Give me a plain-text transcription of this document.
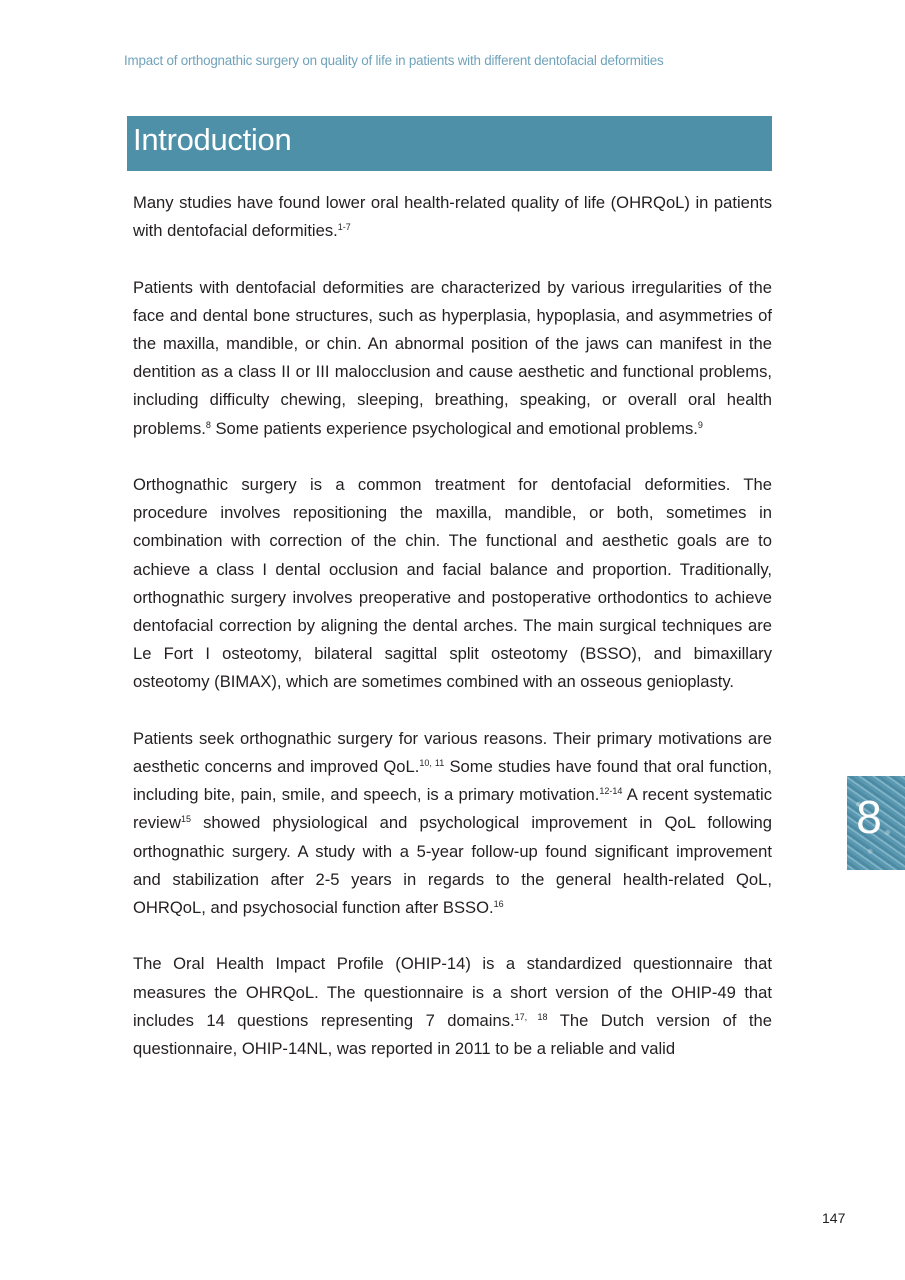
Impact of orthognathic surgery on quality of life in patients with different dentofacial deformities
Introduction

Many studies have found lower oral health-related quality of life (OHRQoL) in patients with dentofacial deformities.$^{1-7}$

Patients with dentofacial deformities are characterized by various irregularities of the face and dental bone structures, such as hyperplasia, hypoplasia, and asymmetries of the maxilla, mandible, or chin. An abnormal position of the jaws can manifest in the dentition as a class II or III malocclusion and cause aesthetic and functional problems, including difficulty chewing, sleeping, breathing, speaking, or overall oral health problems.$^8$ Some patients experience psychological and emotional problems.$^9$

Orthognathic surgery is a common treatment for dentofacial deformities. The procedure involves repositioning the maxilla, mandible, or both, sometimes in combination with correction of the chin. The functional and aesthetic goals are to achieve a class I dental occlusion and facial balance and proportion. Traditionally, orthognathic surgery involves preoperative and postoperative orthodontics to achieve dentofacial correction by aligning the dental arches. The main surgical techniques are Le Fort I osteotomy, bilateral sagittal split osteotomy (BSSO), and bimaxillary osteotomy (BIMAX), which are sometimes combined with an osseous genioplasty.

Patients seek orthognathic surgery for various reasons. Their primary motivations are aesthetic concerns and improved QoL.$^{10, 11}$ Some studies have found that oral function, including bite, pain, smile, and speech, is a primary motivation.$^{12-14}$ A recent systematic review$^{15}$ showed physiological and psychological improvement in QoL following orthognathic surgery. A study with a 5-year follow-up found significant improvement and stabilization after 2-5 years in regards to the general health-related QoL, OHRQoL, and psychosocial function after BSSO.$^{16}$

The Oral Health Impact Profile (OHIP-14) is a standardized questionnaire that measures the OHRQoL. The questionnaire is a short version of the OHIP-49 that includes 14 questions representing 7 domains.$^{17, 18}$ The Dutch version of the questionnaire, OHIP-14NL, was reported in 2011 to be a reliable and valid

8
147
